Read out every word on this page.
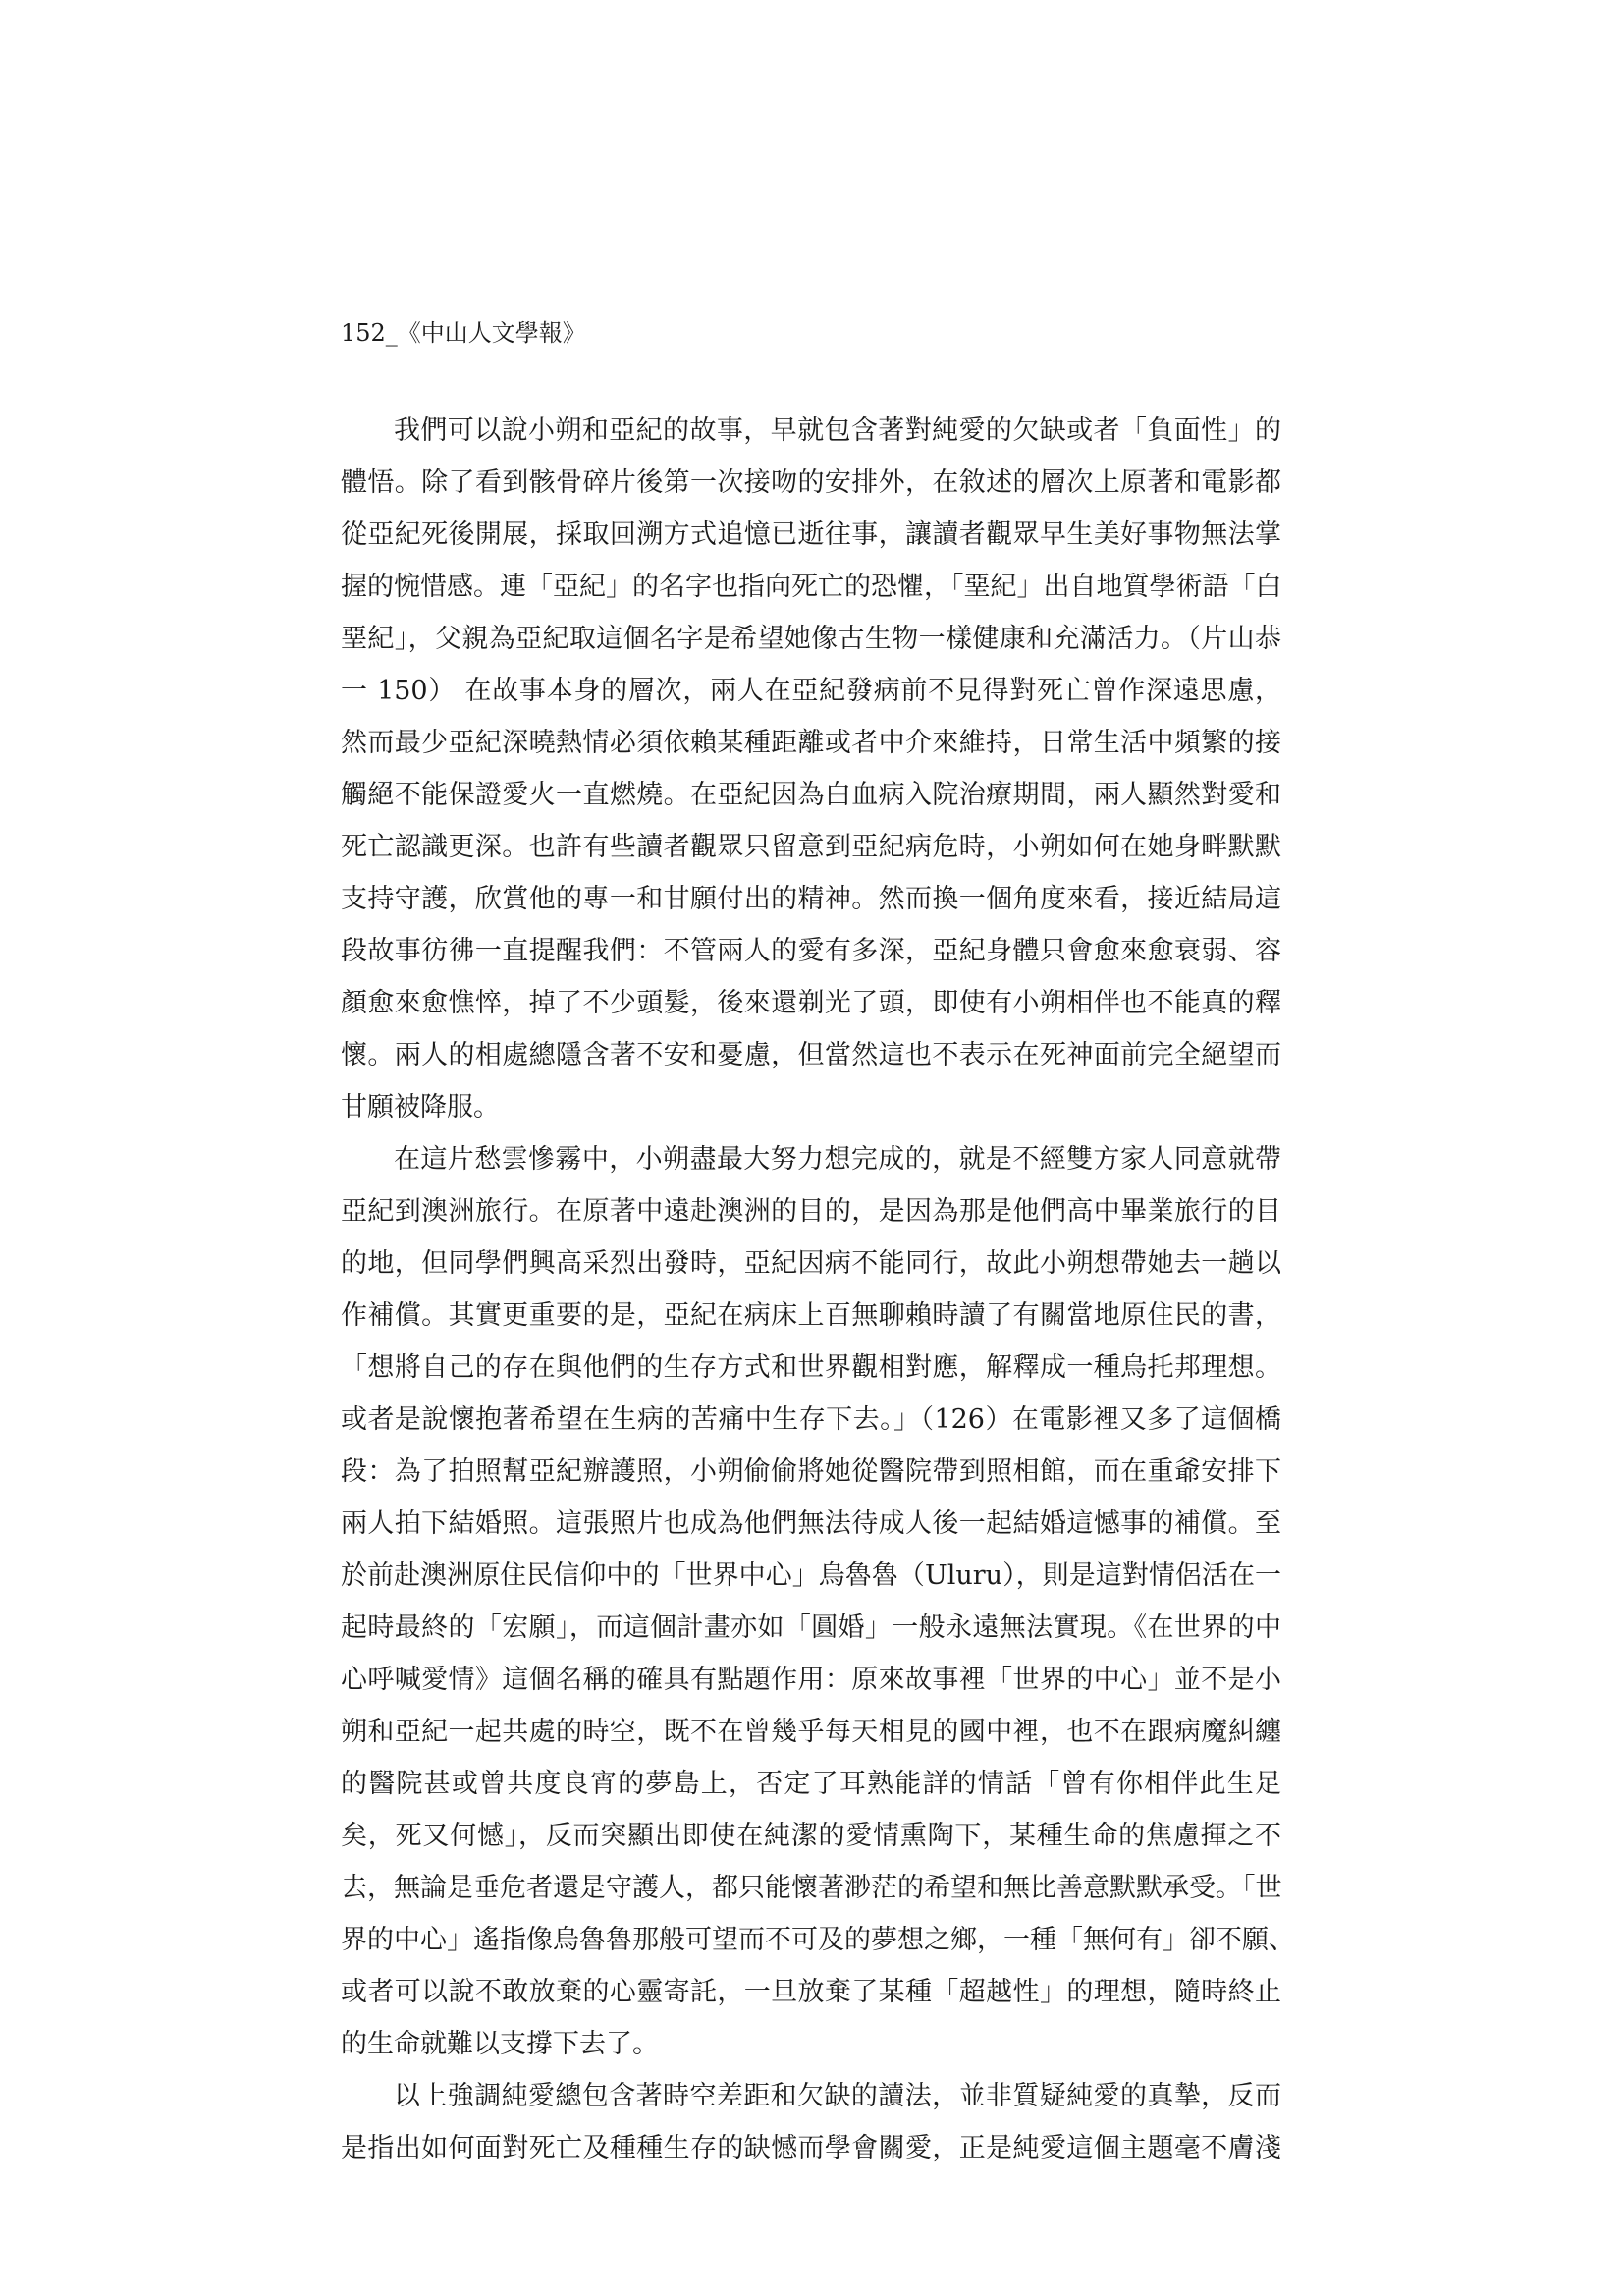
152_《中山人文學報》

我們可以說小朔和亞紀的故事，早就包含著對純愛的欠缺或者「負面性」的
體悟。除了看到骸骨碎片後第一次接吻的安排外，在敘述的層次上原著和電影都
從亞紀死後開展，採取回溯方式追憶已逝往事，讓讀者觀眾早生美好事物無法掌
握的惋惜感。連「亞紀」的名字也指向死亡的恐懼，「堊紀」出自地質學術語「白
堊紀」，父親為亞紀取這個名字是希望她像古生物一樣健康和充滿活力。（片山恭
一 150） 在故事本身的層次，兩人在亞紀發病前不見得對死亡曾作深遠思慮，
然而最少亞紀深曉熱情必須依賴某種距離或者中介來維持，日常生活中頻繁的接
觸絕不能保證愛火一直燃燒。在亞紀因為白血病入院治療期間，兩人顯然對愛和
死亡認識更深。也許有些讀者觀眾只留意到亞紀病危時，小朔如何在她身畔默默
支持守護，欣賞他的專一和甘願付出的精神。然而換一個角度來看，接近結局這
段故事彷彿一直提醒我們：不管兩人的愛有多深，亞紀身體只會愈來愈衰弱、容
顏愈來愈憔悴，掉了不少頭髮，後來還剃光了頭，即使有小朔相伴也不能真的釋
懷。兩人的相處總隱含著不安和憂慮，但當然這也不表示在死神面前完全絕望而
甘願被降服。

在這片愁雲慘霧中，小朔盡最大努力想完成的，就是不經雙方家人同意就帶
亞紀到澳洲旅行。在原著中遠赴澳洲的目的，是因為那是他們高中畢業旅行的目
的地，但同學們興高采烈出發時，亞紀因病不能同行，故此小朔想帶她去一趟以
作補償。其實更重要的是，亞紀在病床上百無聊賴時讀了有關當地原住民的書，
「想將自己的存在與他們的生存方式和世界觀相對應，解釋成一種烏托邦理想。
或者是說懷抱著希望在生病的苦痛中生存下去。」（126）在電影裡又多了這個橋
段：為了拍照幫亞紀辦護照，小朔偷偷將她從醫院帶到照相館，而在重爺安排下
兩人拍下結婚照。這張照片也成為他們無法待成人後一起結婚這憾事的補償。至
於前赴澳洲原住民信仰中的「世界中心」烏魯魯（Uluru），則是這對情侶活在一
起時最終的「宏願」，而這個計畫亦如「圓婚」一般永遠無法實現。《在世界的中
心呼喊愛情》這個名稱的確具有點題作用：原來故事裡「世界的中心」並不是小
朔和亞紀一起共處的時空，既不在曾幾乎每天相見的國中裡，也不在跟病魔糾纏
的醫院甚或曾共度良宵的夢島上，否定了耳熟能詳的情話「曾有你相伴此生足
矣，死又何憾」，反而突顯出即使在純潔的愛情熏陶下，某種生命的焦慮揮之不
去，無論是垂危者還是守護人，都只能懷著渺茫的希望和無比善意默默承受。「世
界的中心」遙指像烏魯魯那般可望而不可及的夢想之鄉，一種「無何有」卻不願、
或者可以說不敢放棄的心靈寄託，一旦放棄了某種「超越性」的理想，隨時終止
的生命就難以支撐下去了。

以上強調純愛總包含著時空差距和欠缺的讀法，並非質疑純愛的真摯，反而
是指出如何面對死亡及種種生存的缺憾而學會關愛，正是純愛這個主題毫不膚淺
